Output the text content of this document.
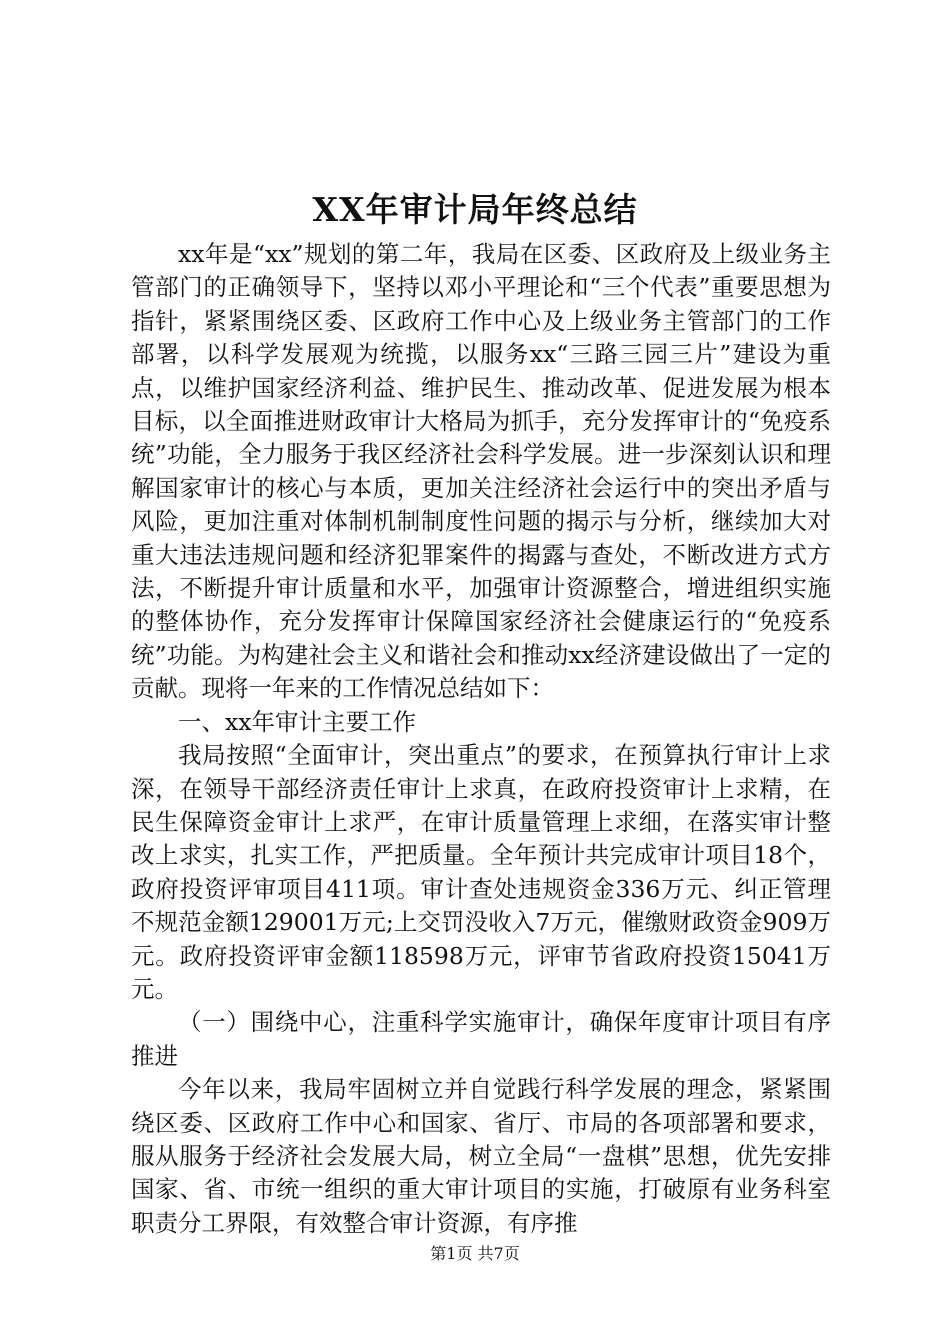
XX年审计局年终总结

xx年是“xx”规划的第二年，我局在区委、区政府及上级业务主管部门的正确领导下，坚持以邓小平理论和“三个代表”重要思想为指针，紧紧围绕区委、区政府工作中心及上级业务主管部门的工作部署，以科学发展观为统揽，以服务xx“三路三园三片”建设为重点，以维护国家经济利益、维护民生、推动改革、促进发展为根本目标，以全面推进财政审计大格局为抓手，充分发挥审计的“免疫系统”功能，全力服务于我区经济社会科学发展。进一步深刻认识和理解国家审计的核心与本质，更加关注经济社会运行中的突出矛盾与风险，更加注重对体制机制制度性问题的揭示与分析，继续加大对重大违法违规问题和经济犯罪案件的揭露与查处，不断改进方式方法，不断提升审计质量和水平，加强审计资源整合，增进组织实施的整体协作，充分发挥审计保障国家经济社会健康运行的“免疫系统”功能。为构建社会主义和谐社会和推动xx经济建设做出了一定的贡献。现将一年来的工作情况总结如下：

一、xx年审计主要工作

我局按照“全面审计，突出重点”的要求，在预算执行审计上求深，在领导干部经济责任审计上求真，在政府投资审计上求精，在民生保障资金审计上求严，在审计质量管理上求细，在落实审计整改上求实，扎实工作，严把质量。全年预计共完成审计项目18个，政府投资评审项目411项。审计查处违规资金336万元、纠正管理不规范金额129001万元;上交罚没收入7万元，催缴财政资金909万元。政府投资评审金额118598万元，评审节省政府投资15041万元。

（一）围绕中心，注重科学实施审计，确保年度审计项目有序推进

今年以来，我局牢固树立并自觉践行科学发展的理念，紧紧围绕区委、区政府工作中心和国家、省厅、市局的各项部署和要求，服从服务于经济社会发展大局，树立全局“一盘棋”思想，优先安排国家、省、市统一组织的重大审计项目的实施，打破原有业务科室职责分工界限，有效整合审计资源，有序推

第1页 共7页
